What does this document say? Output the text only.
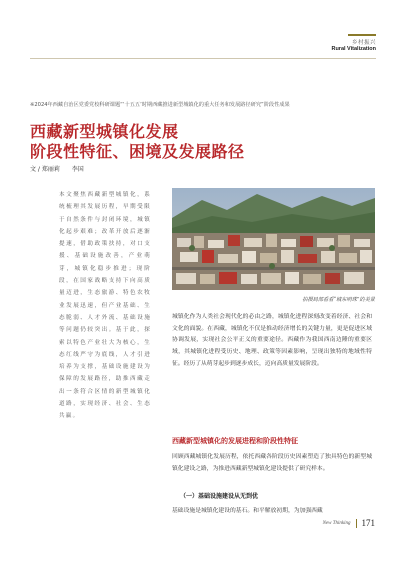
乡村振兴
Rural Vitalization
※2024年西藏自治区党委党校科研课题“‘十五五’时期西藏推进新型城镇化的重大任务和发展路径研究”阶段性成果
西藏新型城镇化发展
阶段性特征、困境及发展路径
文 / 郑丽莉 李国
本文聚焦西藏新型城镇化，系统梳理其发展历程，早期受限于自然条件与封闭环境，城镇化起步艰难；改革开放后逐渐提速，借助政策扶持，对口支援、基础设施改善，产业萌芽，城镇化稳步推进；现阶段，在国家战略支持下向高质量迈进，生态旅游、特色农牧业发展迅速，但产业基础、生态脆弱、人才外流、基础设施等问题仍较突出。基于此，探索以特色产业壮大为核心，生态红线严守为底线，人才引进培养为支撑，基础设施建设为保障的发展路径，助推西藏走出一条符合区情的新型城镇化道路，实现经济、社会、生态共赢。
拍摄局部看看“城东明珠”的美景
城镇化作为人类社会现代化的必由之路，城镇化进程深刻改变着经济、社会和文化的面貌。在西藏，城镇化不仅是推动经济增长的关键力量，更是促进区域协调发展，实现社会公平正义的重要途径。西藏作为我国西南边陲的重要区域，其城镇化进程受历史、地理、政策等因素影响，呈现出独特的地域性特征。经历了从萌芽起步到逐步成长，迈向高质量发展阶段。
西藏新型城镇化的发展进程和阶段性特征
回顾西藏城镇化发展历程，依托西藏各阶段历史因素塑造了独具特色的新型城镇化建设之路，为推进西藏新型城镇化建设提供了研究样本。
（一）基础设施建设从无到优
基础设施是城镇化建设的基石。和平解放初期，为加强西藏
New Thinking 171
